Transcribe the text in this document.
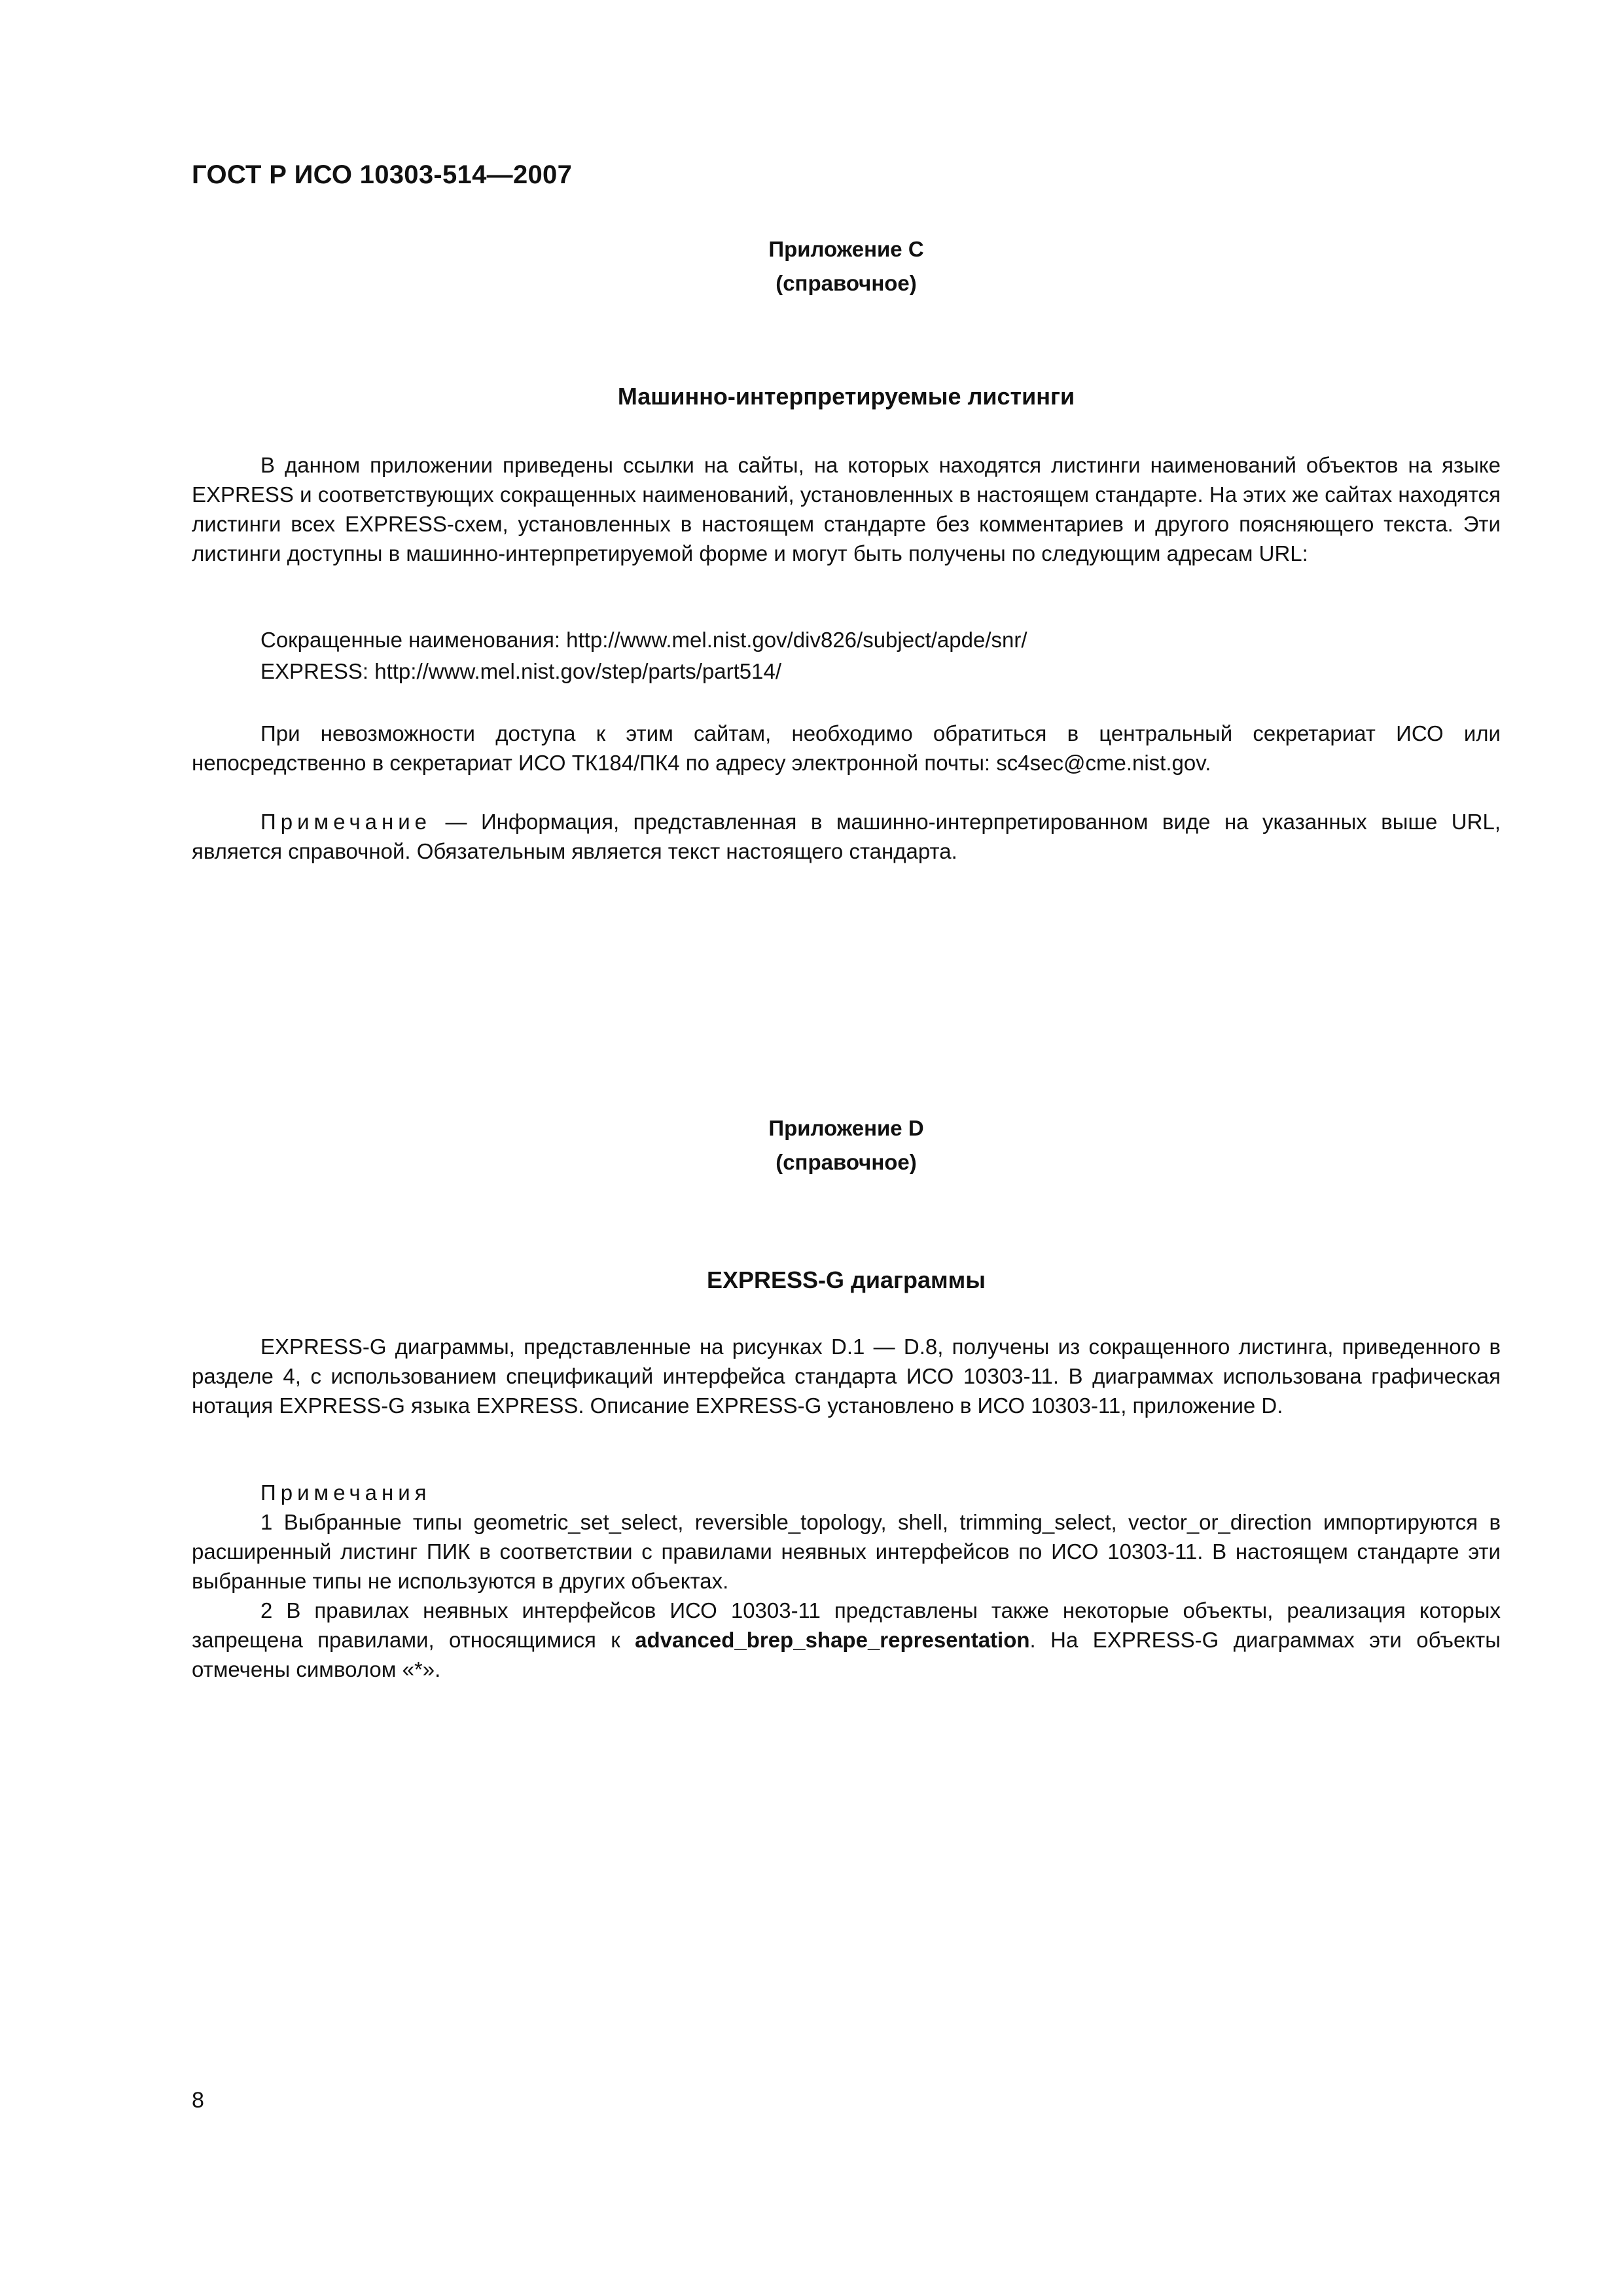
ГОСТ Р ИСО 10303-514—2007
Приложение C
(справочное)
Машинно-интерпретируемые листинги

В данном приложении приведены ссылки на сайты, на которых находятся листинги наименований объектов на языке EXPRESS и соответствующих сокращенных наименований, установленных в настоящем стандарте. На этих же сайтах находятся листинги всех EXPRESS-схем, установленных в настоящем стандарте без комментариев и другого поясняющего текста. Эти листинги доступны в машинно-интерпретируемой форме и могут быть получены по следующим адресам URL:

Сокращенные наименования: http://www.mel.nist.gov/div826/subject/apde/snr/
EXPRESS: http://www.mel.nist.gov/step/parts/part514/

При невозможности доступа к этим сайтам, необходимо обратиться в центральный секретариат ИСО или непосредственно в секретариат ИСО ТК184/ПК4 по адресу электронной почты: sc4sec@cme.nist.gov.

Примечание — Информация, представленная в машинно-интерпретированном виде на указанных выше URL, является справочной. Обязательным является текст настоящего стандарта.

Приложение D
(справочное)
EXPRESS-G диаграммы

EXPRESS-G диаграммы, представленные на рисунках D.1 — D.8, получены из сокращенного листинга, приведенного в разделе 4, с использованием спецификаций интерфейса стандарта ИСО 10303-11. В диаграммах использована графическая нотация EXPRESS-G языка EXPRESS. Описание EXPRESS-G установлено в ИСО 10303-11, приложение D.

Примечания

1 Выбранные типы geometric_set_select, reversible_topology, shell, trimming_select, vector_or_direction импортируются в расширенный листинг ПИК в соответствии с правилами неявных интерфейсов по ИСО 10303-11. В настоящем стандарте эти выбранные типы не используются в других объектах.

2 В правилах неявных интерфейсов ИСО 10303-11 представлены также некоторые объекты, реализация которых запрещена правилами, относящимися к advanced_brep_shape_representation. На EXPRESS-G диаграммах эти объекты отмечены символом «*».

8
